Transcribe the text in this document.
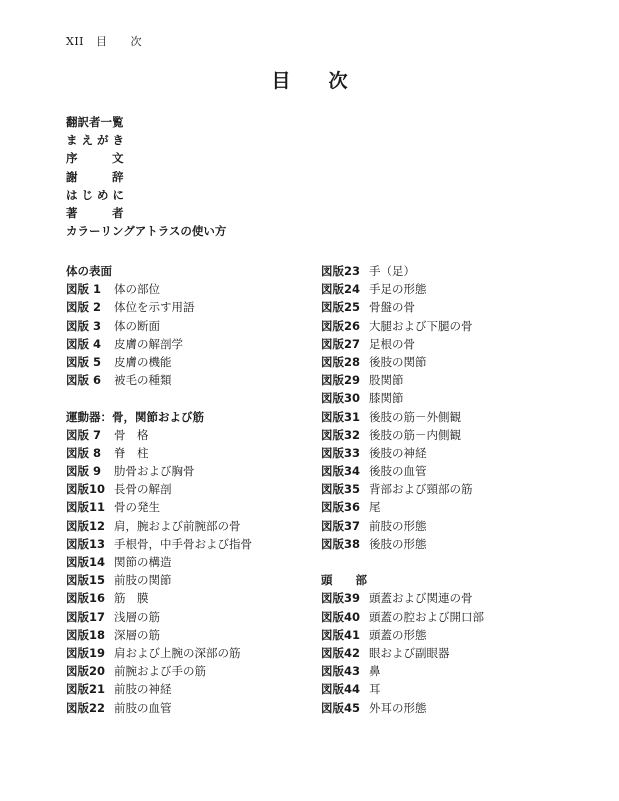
XII 目　　次
目　　次
翻訳者一覧
ま え が き
序　　　文
謝　　　辞
は じ め に
著　　　者
カラーリングアトラスの使い方
体の表面
図版 1 体の部位
図版 2 体位を示す用語
図版 3 体の断面
図版 4 皮膚の解剖学
図版 5 皮膚の機能
図版 6 被毛の種類
運動器：骨，関節および筋
図版 7 骨　格
図版 8 脊　柱
図版 9 肋骨および胸骨
図版10 長骨の解剖
図版11 骨の発生
図版12 肩，腕および前腕部の骨
図版13 手根骨，中手骨および指骨
図版14 関節の構造
図版15 前肢の関節
図版16 筋　膜
図版17 浅層の筋
図版18 深層の筋
図版19 肩および上腕の深部の筋
図版20 前腕および手の筋
図版21 前肢の神経
図版22 前肢の血管
図版23 手（足）
図版24 手足の形態
図版25 骨盤の骨
図版26 大腿および下腿の骨
図版27 足根の骨
図版28 後肢の関節
図版29 股関節
図版30 膝関節
図版31 後肢の筋－外側観
図版32 後肢の筋－内側観
図版33 後肢の神経
図版34 後肢の血管
図版35 背部および頸部の筋
図版36 尾
図版37 前肢の形態
図版38 後肢の形態
頭　　部
図版39 頭蓋および関連の骨
図版40 頭蓋の腔および開口部
図版41 頭蓋の形態
図版42 眼および副眼器
図版43 鼻
図版44 耳
図版45 外耳の形態
